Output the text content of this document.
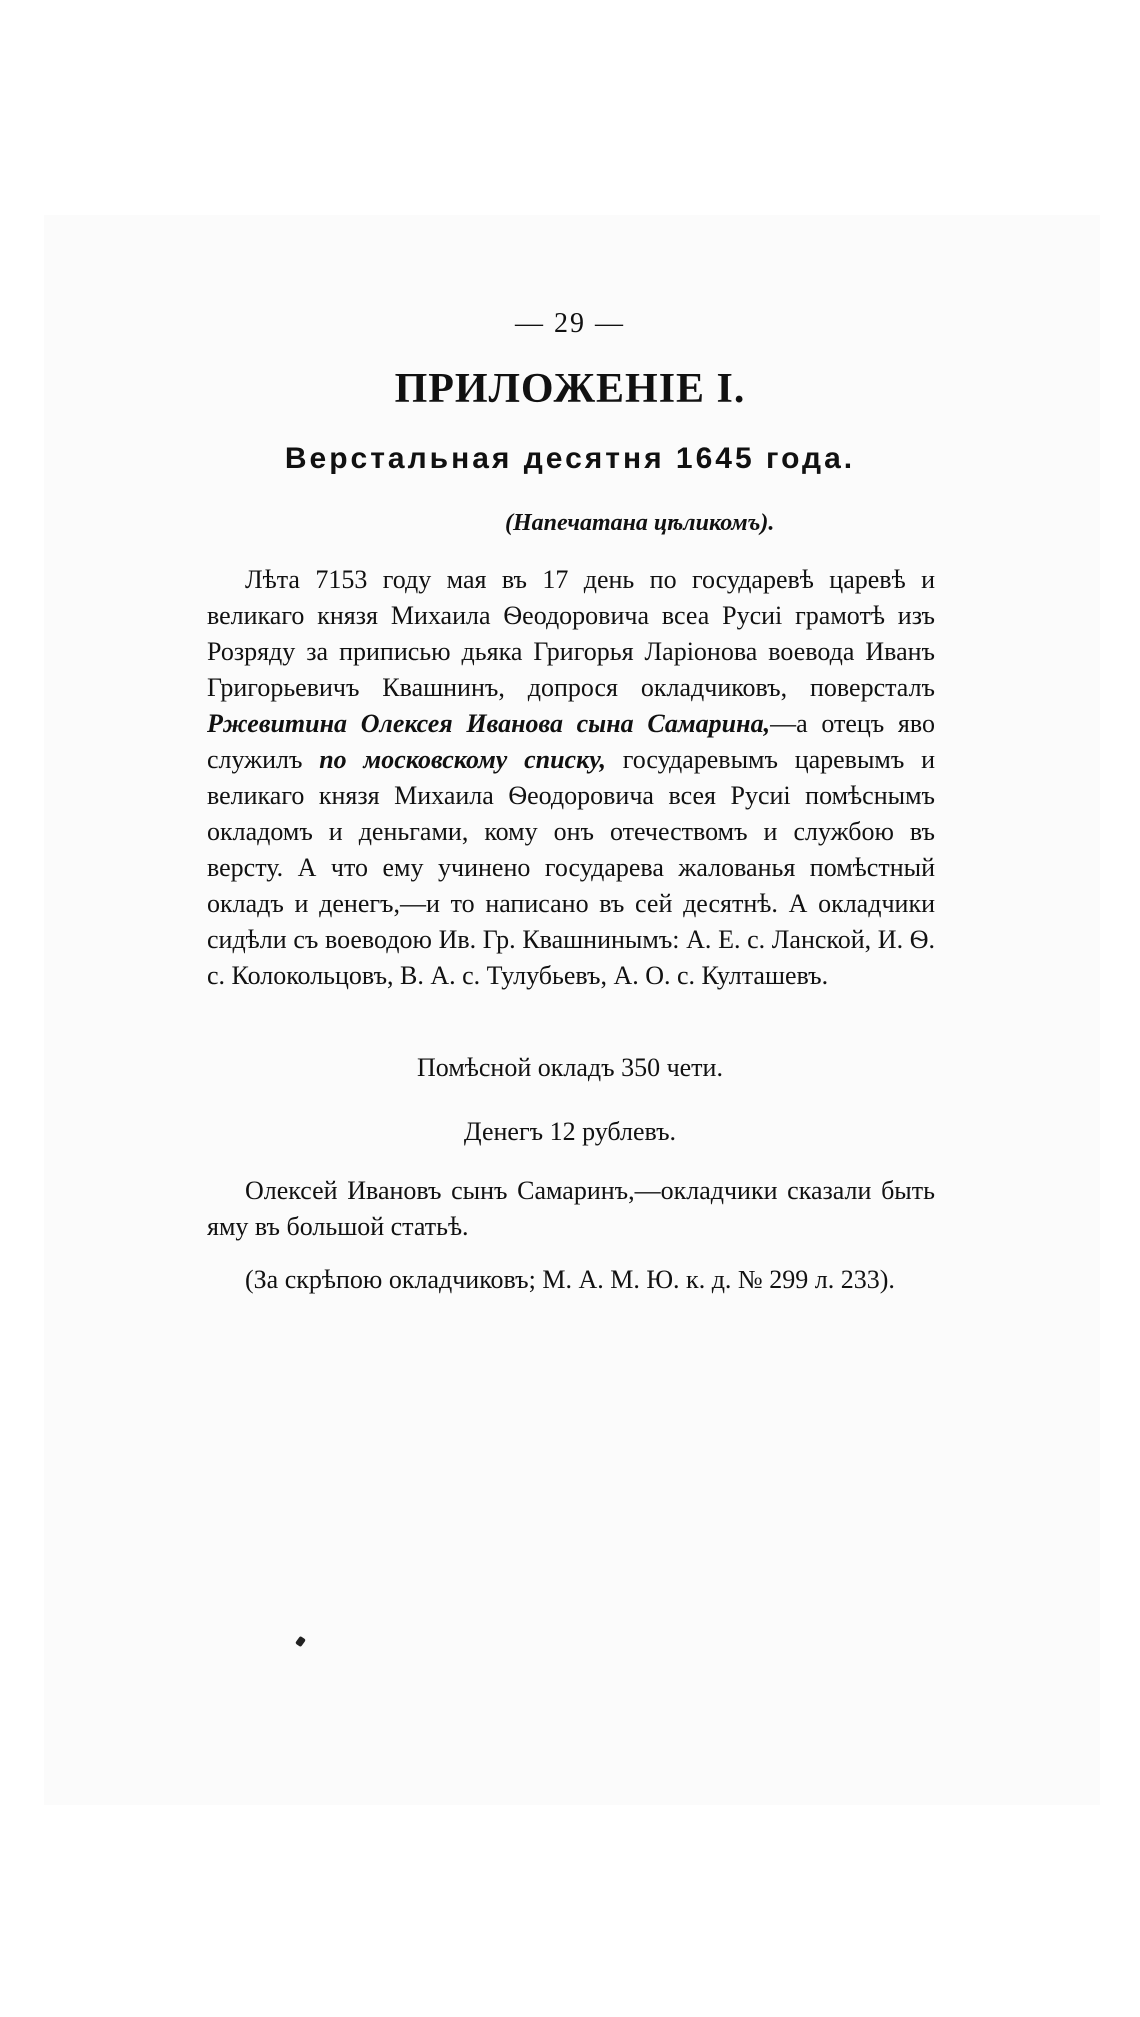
— 29 —
ПРИЛОЖЕНІЕ I.
Верстальная десятня 1645 года.
(Напечатана цѣликомъ).

Лѣта 7153 году мая въ 17 день по государевѣ царевѣ и великаго князя Михаила Ѳеодоровича всеа Русиі грамотѣ изъ Розряду за приписью дьяка Григорья Ларіонова воевода Иванъ Григорьевичъ Квашнинъ, допрося окладчиковъ, поверсталъ Ржевитина Олексея Иванова сына Самарина,—а отецъ яво служилъ по московскому списку, государевымъ царевымъ и великаго князя Михаила Ѳеодоровича всея Русиі помѣснымъ окладомъ и деньгами, кому онъ отечествомъ и службою въ версту. А что ему учинено государева жалованья помѣстный окладъ и денегъ,—и то написано въ сей десятнѣ. А окладчики сидѣли съ воеводою Ив. Гр. Квашнинымъ: А. Е. с. Ланской, И. Ѳ. с. Колокольцовъ, В. А. с. Тулубьевъ, А. О. с. Култашевъ.

Помѣсной окладъ 350 чети.
Денегъ 12 рублевъ.

Олексей Ивановъ сынъ Самаринъ,—окладчики сказали быть яму въ большой статьѣ.

(За скрѣпою окладчиковъ; М. А. М. Ю. к. д. № 299 л. 233).
